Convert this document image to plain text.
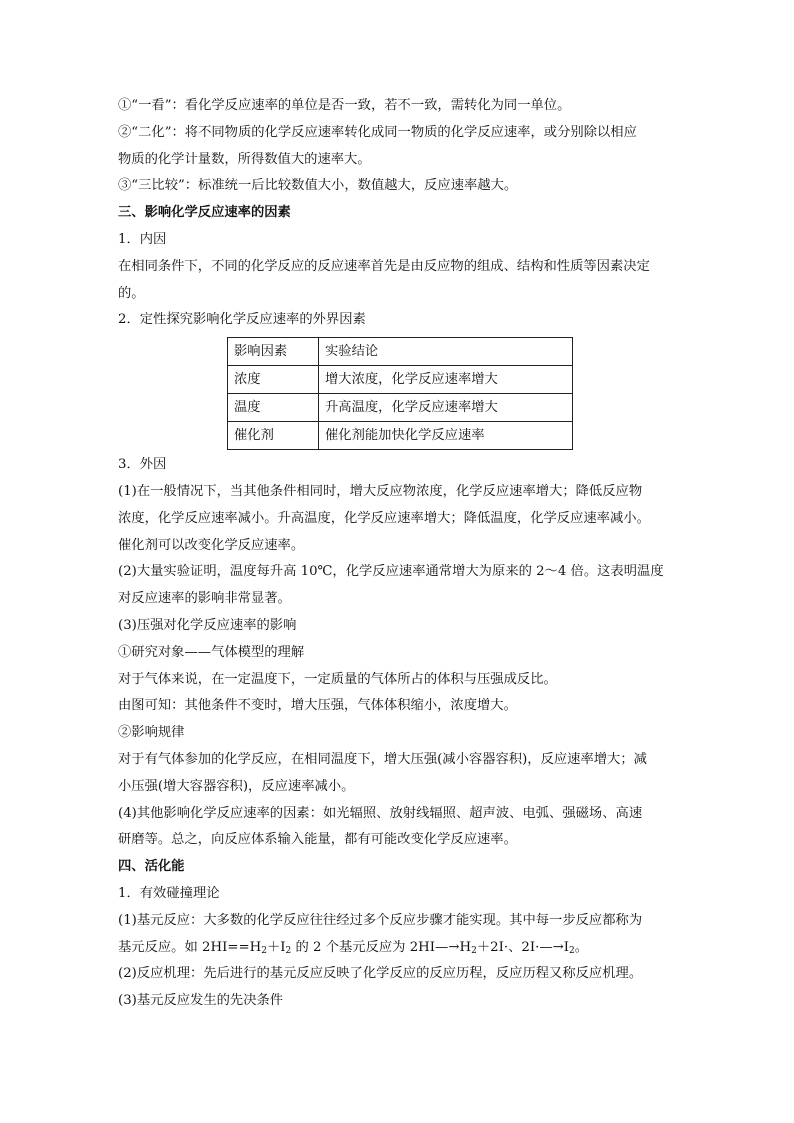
①“一看”：看化学反应速率的单位是否一致，若不一致，需转化为同一单位。

②“二化”：将不同物质的化学反应速率转化成同一物质的化学反应速率，或分别除以相应

物质的化学计量数，所得数值大的速率大。

③“三比较”：标准统一后比较数值大小，数值越大，反应速率越大。

三、影响化学反应速率的因素

1．内因

在相同条件下，不同的化学反应的反应速率首先是由反应物的组成、结构和性质等因素决定

的。

2．定性探究影响化学反应速率的外界因素

影响因素	实验结论
浓度	增大浓度，化学反应速率增大
温度	升高温度，化学反应速率增大
催化剂	催化剂能加快化学反应速率

3．外因

(1)在一般情况下，当其他条件相同时，增大反应物浓度，化学反应速率增大；降低反应物

浓度，化学反应速率减小。升高温度，化学反应速率增大；降低温度，化学反应速率减小。

催化剂可以改变化学反应速率。

(2)大量实验证明，温度每升高 10℃，化学反应速率通常增大为原来的 2～4 倍。这表明温度

对反应速率的影响非常显著。

(3)压强对化学反应速率的影响

①研究对象——气体模型的理解

对于气体来说，在一定温度下，一定质量的气体所占的体积与压强成反比。

由图可知：其他条件不变时，增大压强，气体体积缩小，浓度增大。

②影响规律

对于有气体参加的化学反应，在相同温度下，增大压强(减小容器容积)，反应速率增大；减

小压强(增大容器容积)，反应速率减小。

(4)其他影响化学反应速率的因素：如光辐照、放射线辐照、超声波、电弧、强磁场、高速

研磨等。总之，向反应体系输入能量，都有可能改变化学反应速率。

四、活化能

1．有效碰撞理论

(1)基元反应：大多数的化学反应往往经过多个反应步骤才能实现。其中每一步反应都称为

基元反应。如 $2HI==H_2+I_2$ 的 2 个基元反应为 $2HI—\to H_2+2I\cdot$、$2I\cdot—\to I_2$。

(2)反应机理：先后进行的基元反应反映了化学反应的反应历程，反应历程又称反应机理。

(3)基元反应发生的先决条件
